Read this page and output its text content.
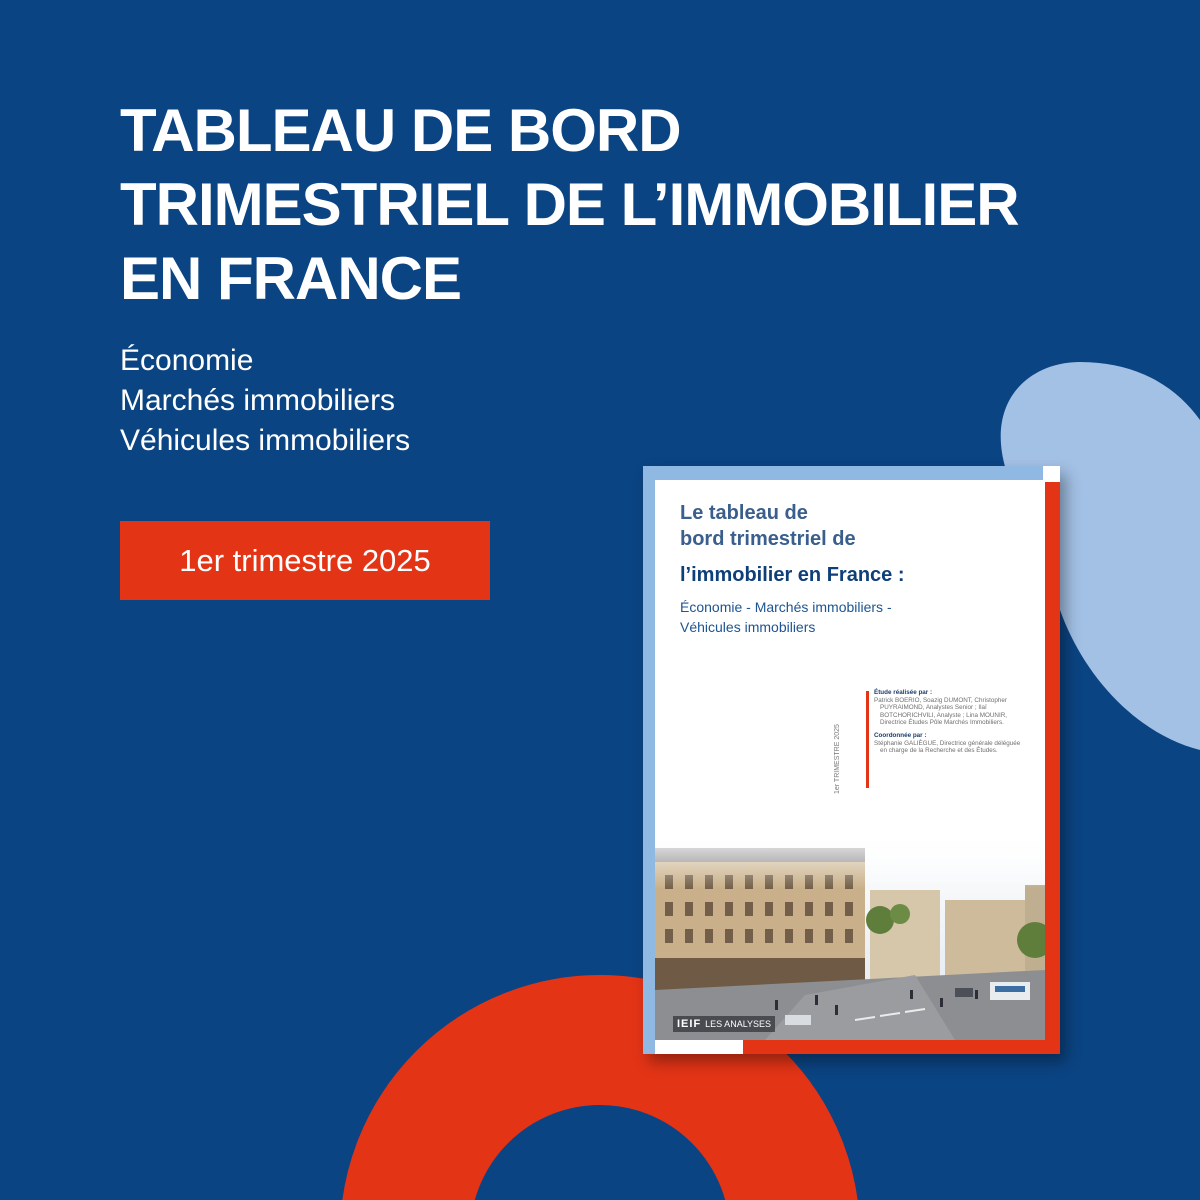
TABLEAU DE BORD
TRIMESTRIEL DE L’IMMOBILIER
EN FRANCE
Économie
Marchés immobiliers
Véhicules immobiliers
1er trimestre 2025
Le tableau de
bord trimestriel de
l’immobilier en France :

Économie - Marchés immobiliers -
Véhicules immobiliers

1er TRIMESTRE 2025
Étude réalisée par :
Patrick BOERIO, Soazig DUMONT, Christopher PUYRAIMOND, Analystes Senior ; Ilaï BOTCHORICHVILI, Analyste ; Lina MOUNIR, Directrice Études Pôle Marchés Immobiliers.
Coordonnée par :
Stéphanie GALIÈGUE, Directrice générale déléguée en charge de la Recherche et des Études.
IEIF LES ANALYSES
